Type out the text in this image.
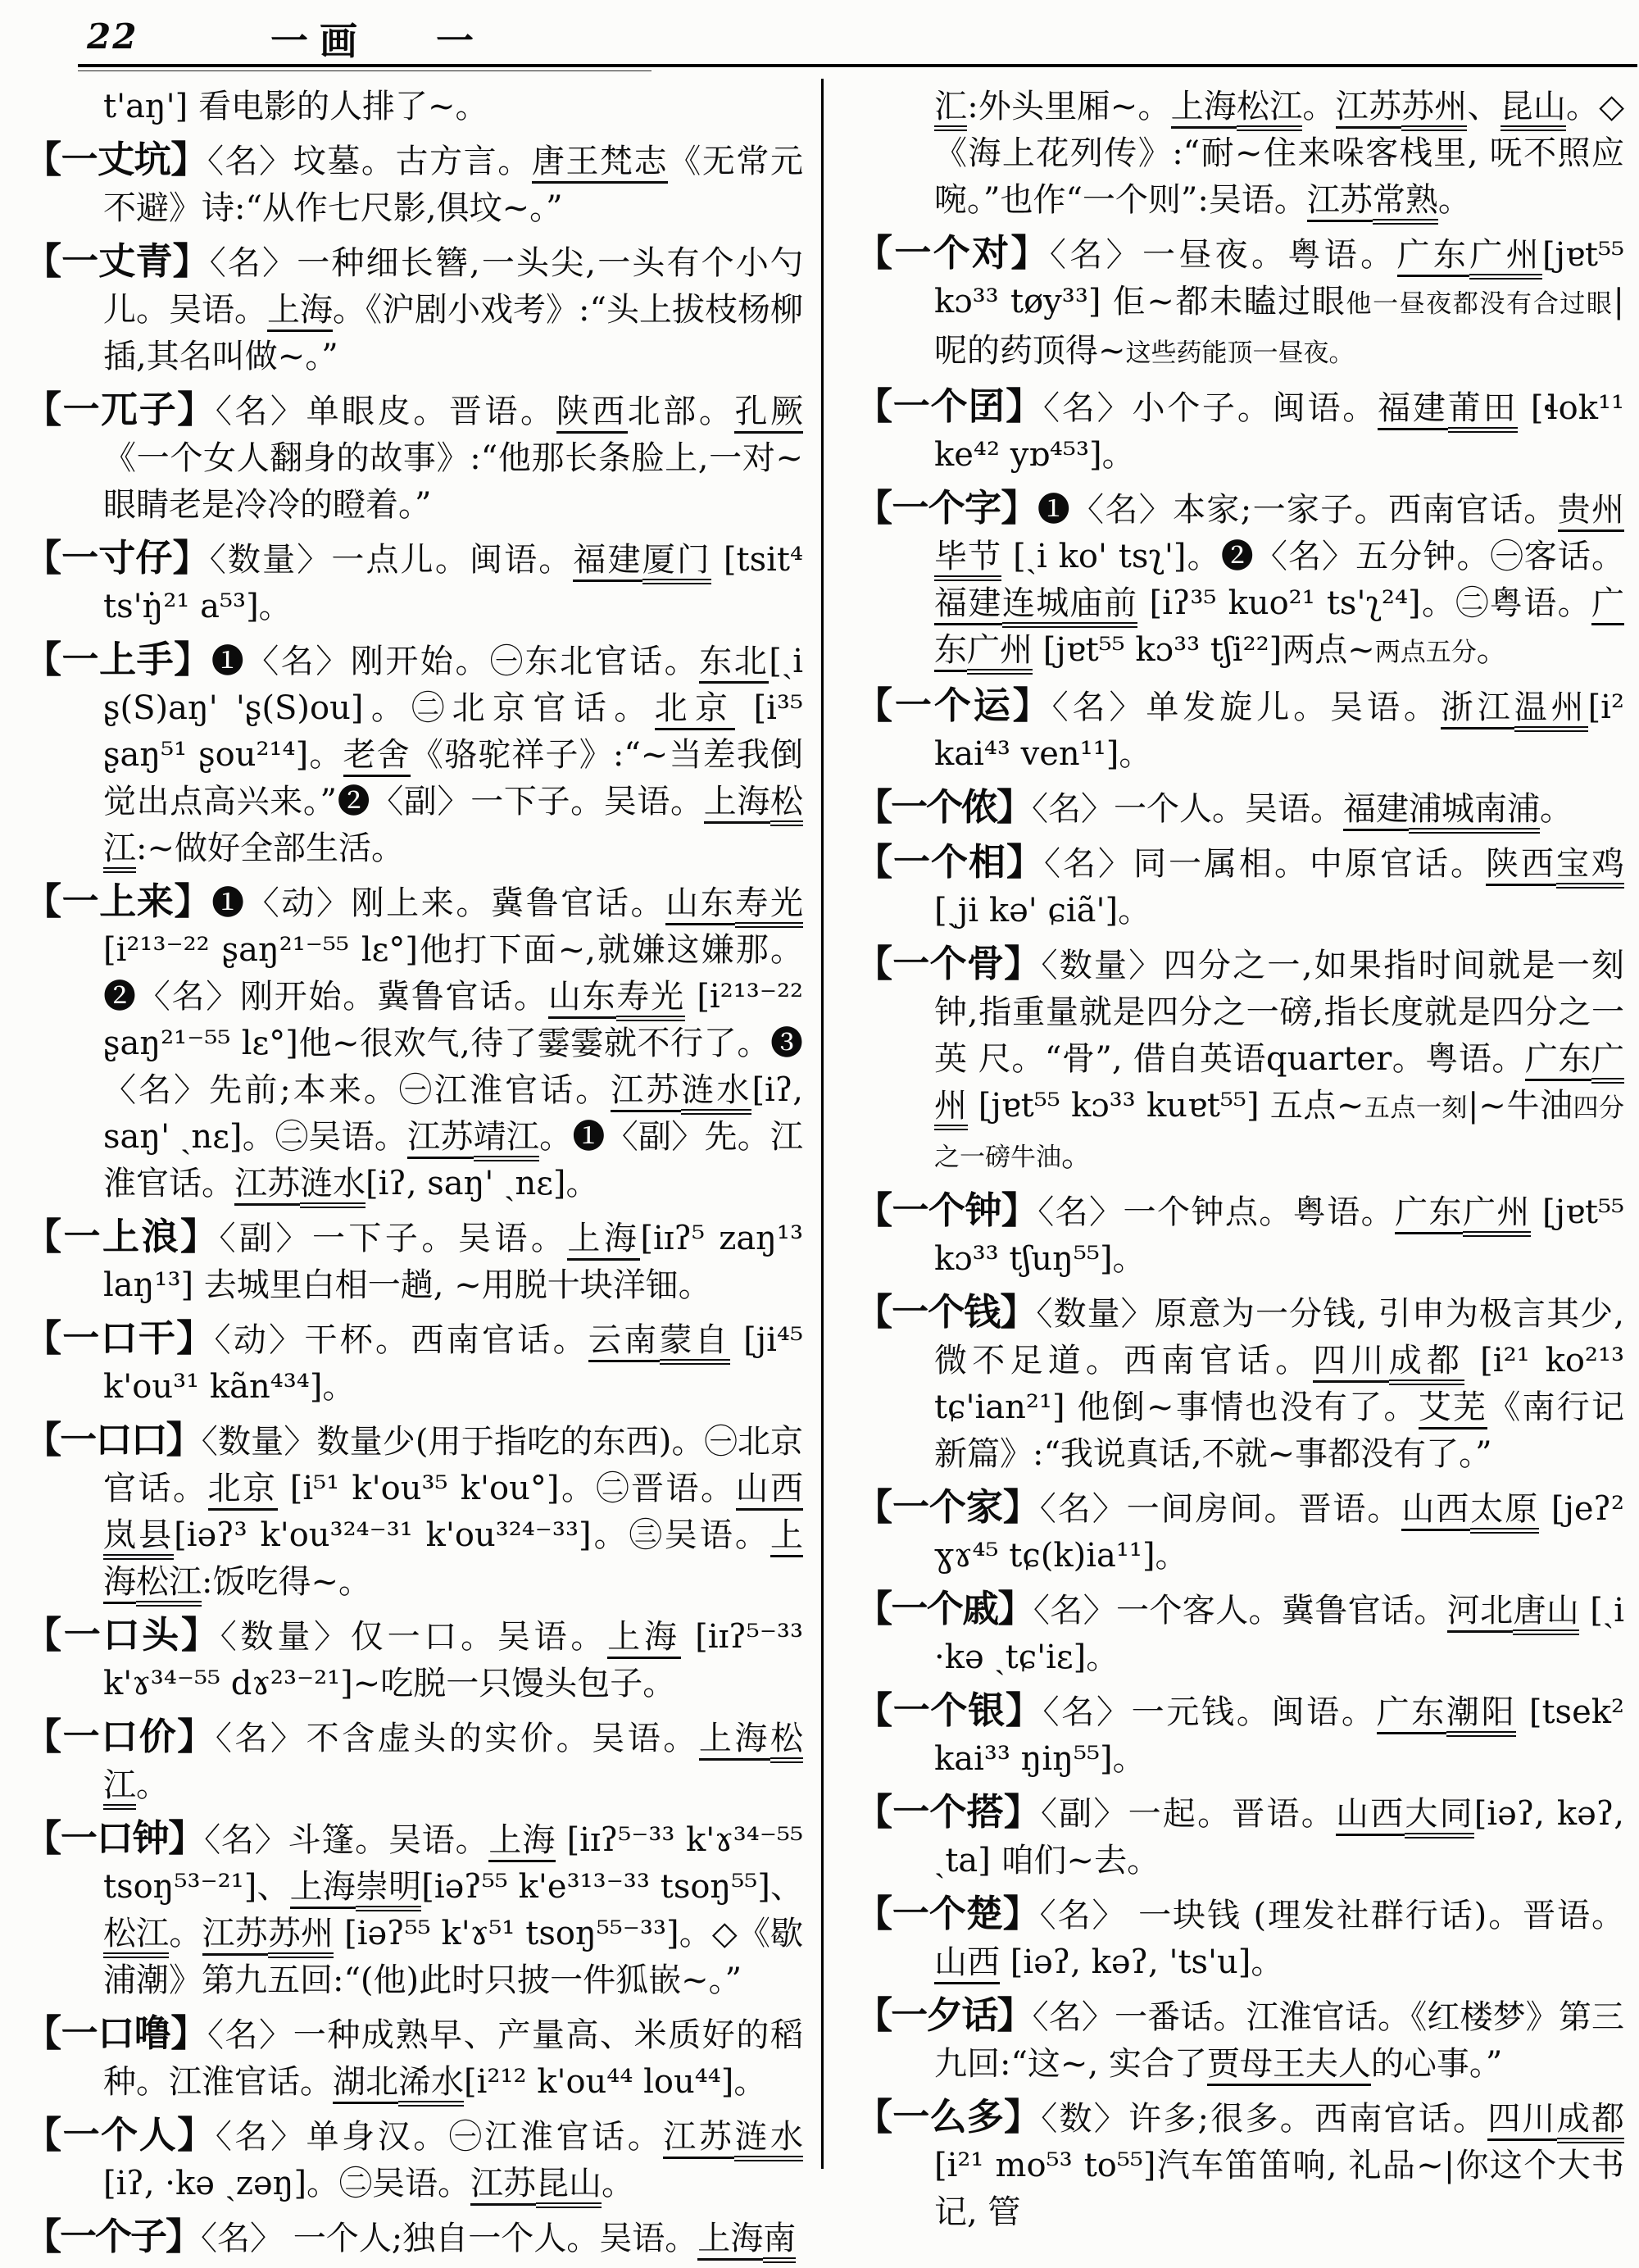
22	一画 一

t'aŋ'] 看电影的人排了~。

【一丈坑】〈名〉坟墓。古方言。唐王梵志《无常元不避》诗:“从作七尺影,俱坟~。”

【一丈青】〈名〉一种细长簪,一头尖,一头有个小勺儿。吴语。上海。《沪剧小戏考》:“头上拔枝杨柳插,其名叫做~。”

【一兀子】〈名〉单眼皮。晋语。陕西北部。孔厥《一个女人翻身的故事》:“他那长条脸上,一对~眼睛老是冷冷的瞪着。”

【一寸仔】〈数量〉一点儿。闽语。福建厦门 [tsit⁴ ts'ŋ̇²¹ a⁵³]。

【一上手】❶〈名〉刚开始。㊀东北官话。东北[ˏi ʂ(S)aŋ' 'ʂ(S)ou]。㊁北京官话。北京 [i³⁵ ʂaŋ⁵¹ ʂou²¹⁴]。老舍《骆驼祥子》:“~当差我倒觉出点高兴来。”❷〈副〉一下子。吴语。上海松江:~做好全部生活。

【一上来】❶〈动〉刚上来。冀鲁官话。山东寿光 [i²¹³⁻²² ʂaŋ²¹⁻⁵⁵ lɛ°]他打下面~,就嫌这嫌那。❷〈名〉刚开始。冀鲁官话。山东寿光 [i²¹³⁻²² ʂaŋ²¹⁻⁵⁵ lɛ°]他~很欢气,待了霎霎就不行了。❸〈名〉先前;本来。㊀江淮官话。江苏涟水[iʔ, saŋ' ˏnɛ]。㊁吴语。江苏靖江。❶〈副〉先。江淮官话。江苏涟水[iʔ, saŋ' ˏnɛ]。

【一上浪】〈副〉一下子。吴语。上海[iɪʔ⁵ zaŋ¹³ laŋ¹³] 去城里白相一趟, ~用脱十块洋钿。

【一口干】〈动〉干杯。西南官话。云南蒙自 [ji⁴⁵ k'ou³¹ kãn⁴³⁴]。

【一口口】〈数量〉数量少(用于指吃的东西)。㊀北京官话。北京 [i⁵¹ k'ou³⁵ k'ou°]。㊁晋语。山西岚县[iəʔ³ k'ou³²⁴⁻³¹ k'ou³²⁴⁻³³]。㊂吴语。上海松江:饭吃得~。

【一口头】〈数量〉仅一口。吴语。上海 [iɪʔ⁵⁻³³ k'ɤ³⁴⁻⁵⁵ dɤ²³⁻²¹]~吃脱一只馒头包子。

【一口价】〈名〉不含虚头的实价。吴语。上海松江。

【一口钟】〈名〉斗篷。吴语。上海 [iɪʔ⁵⁻³³ k'ɤ³⁴⁻⁵⁵ tsoŋ⁵³⁻²¹]、上海崇明[iəʔ⁵⁵ k'e³¹³⁻³³ tsoŋ⁵⁵]、松江。江苏苏州 [iəʔ⁵⁵ k'ɤ⁵¹ tsoŋ⁵⁵⁻³³]。◇《歇浦潮》第九五回:“(他)此时只披一件狐嵌~。”

【一口噜】〈名〉一种成熟早、产量高、米质好的稻种。江淮官话。湖北浠水[i²¹² k'ou⁴⁴ lou⁴⁴]。

【一个人】〈名〉单身汉。㊀江淮官话。江苏涟水 [iʔ, ·kə ˏzəŋ]。㊁吴语。江苏昆山。

【一个子】〈名〉 一个人;独自一个人。吴语。上海南

汇:外头里厢~。上海松江。江苏苏州、昆山。◇《海上花列传》:“耐~住来哚客栈里, 呒不照应啘。”也作“一个则”:吴语。江苏常熟。

【一个对】〈名〉一昼夜。粤语。广东广州[jɐt⁵⁵ kɔ³³ tøy³³] 佢~都未瞌过眼他一昼夜都没有合过眼|呢的药顶得~这些药能顶一昼夜。

【一个囝】〈名〉小个子。闽语。福建莆田 [ɬok¹¹ ke⁴² yɒ⁴⁵³]。

【一个字】❶〈名〉本家;一家子。西南官话。贵州毕节 [ˏi ko' tsʅ']。❷〈名〉五分钟。㊀客话。福建连城庙前 [iʔ³⁵ kuo²¹ ts'ʅ²⁴]。㊁粤语。广东广州 [jɐt⁵⁵ kɔ³³ tʃi²²]两点~两点五分。

【一个运】〈名〉单发旋儿。吴语。浙江温州[i² kai⁴³ ven¹¹]。

【一个侬】〈名〉一个人。吴语。福建浦城南浦。

【一个相】〈名〉同一属相。中原官话。陕西宝鸡 [ˏji kə' ɕiã']。

【一个骨】〈数量〉四分之一,如果指时间就是一刻钟,指重量就是四分之一磅,指长度就是四分之一英 尺。“骨”, 借自英语quarter。粤语。广东广州 [jɐt⁵⁵ kɔ³³ kuɐt⁵⁵] 五点~五点一刻|~牛油四分之一磅牛油。

【一个钟】〈名〉一个钟点。粤语。广东广州 [jɐt⁵⁵ kɔ³³ tʃuŋ⁵⁵]。

【一个钱】〈数量〉原意为一分钱, 引申为极言其少, 微不足道。西南官话。四川成都 [i²¹ ko²¹³ tɕ'ian²¹] 他倒~事情也没有了。艾芜《南行记新篇》:“我说真话,不就~事都没有了。”

【一个家】〈名〉一间房间。晋语。山西太原 [jeʔ² ɣɤ⁴⁵ tɕ(k)ia¹¹]。

【一个戚】〈名〉一个客人。冀鲁官话。河北唐山 [ˏi ·kə ˏtɕ'iɛ]。

【一个银】〈名〉一元钱。闽语。广东潮阳 [tsek² kai³³ ŋiŋ⁵⁵]。

【一个搭】〈副〉一起。晋语。山西大同[iəʔ, kəʔ, ˏta] 咱们~去。

【一个楚】〈名〉 一块钱 (理发社群行话)。晋语。 山西 [iəʔ, kəʔ, 'ts'u]。

【一夕话】〈名〉一番话。江淮官话。《红楼梦》第三九回:“这~, 实合了贾母王夫人的心事。”

【一么多】〈数〉许多;很多。西南官话。四川成都 [i²¹ mo⁵³ to⁵⁵]汽车笛笛响, 礼品~|你这个大书记, 管
